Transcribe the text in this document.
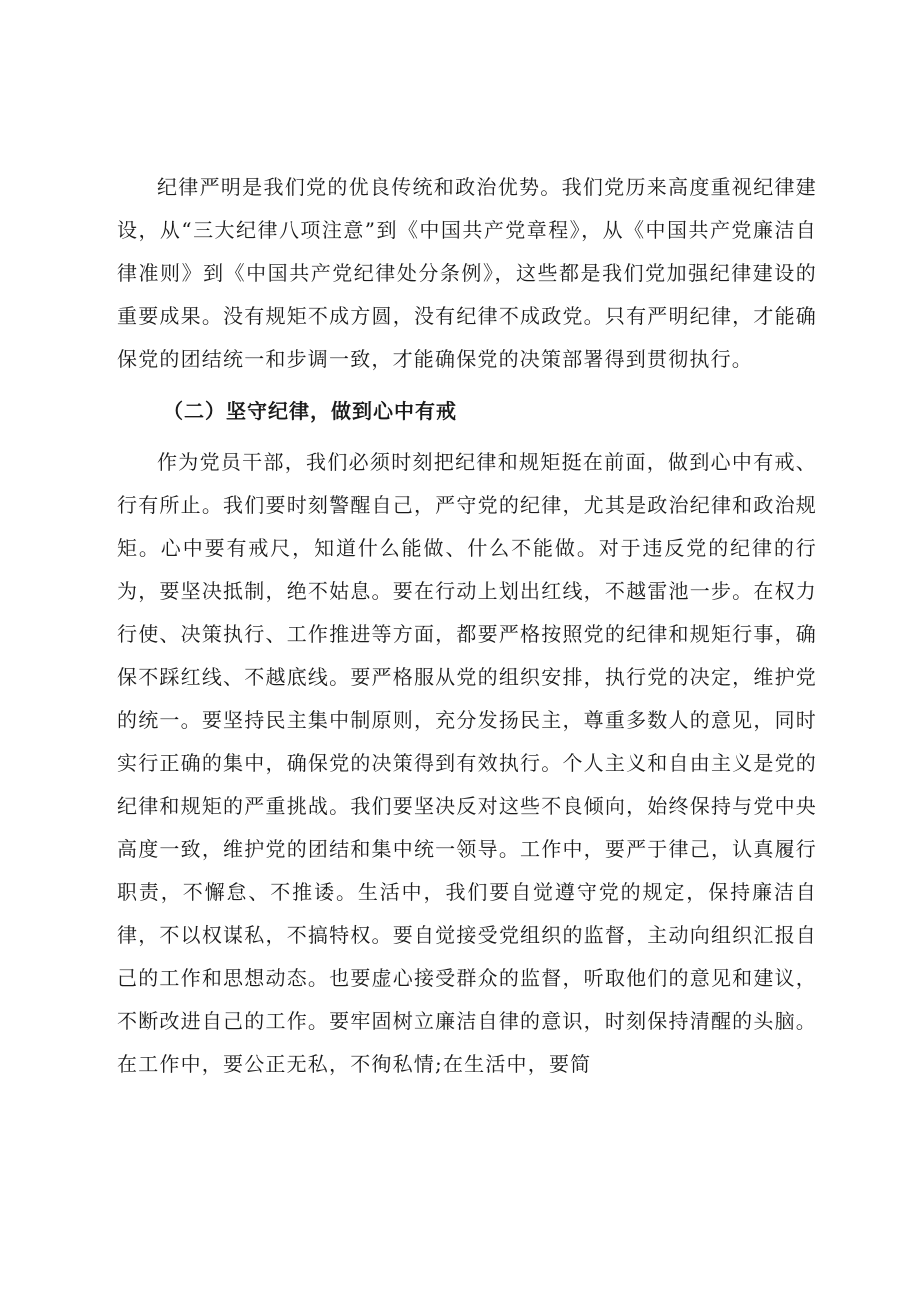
纪律严明是我们党的优良传统和政治优势。我们党历来高度重视纪律建设，从“三大纪律八项注意”到《中国共产党章程》，从《中国共产党廉洁自律准则》到《中国共产党纪律处分条例》，这些都是我们党加强纪律建设的重要成果。没有规矩不成方圆，没有纪律不成政党。只有严明纪律，才能确保党的团结统一和步调一致，才能确保党的决策部署得到贯彻执行。

（二）坚守纪律，做到心中有戒

作为党员干部，我们必须时刻把纪律和规矩挺在前面，做到心中有戒、行有所止。我们要时刻警醒自己，严守党的纪律，尤其是政治纪律和政治规矩。心中要有戒尺，知道什么能做、什么不能做。对于违反党的纪律的行为，要坚决抵制，绝不姑息。要在行动上划出红线，不越雷池一步。在权力行使、决策执行、工作推进等方面，都要严格按照党的纪律和规矩行事，确保不踩红线、不越底线。要严格服从党的组织安排，执行党的决定，维护党的统一。要坚持民主集中制原则，充分发扬民主，尊重多数人的意见，同时实行正确的集中，确保党的决策得到有效执行。个人主义和自由主义是党的纪律和规矩的严重挑战。我们要坚决反对这些不良倾向，始终保持与党中央高度一致，维护党的团结和集中统一领导。工作中，要严于律己，认真履行职责，不懈怠、不推诿。生活中，我们要自觉遵守党的规定，保持廉洁自律，不以权谋私，不搞特权。要自觉接受党组织的监督，主动向组织汇报自己的工作和思想动态。也要虚心接受群众的监督，听取他们的意见和建议，不断改进自己的工作。要牢固树立廉洁自律的意识，时刻保持清醒的头脑。在工作中，要公正无私，不徇私情;在生活中，要简
